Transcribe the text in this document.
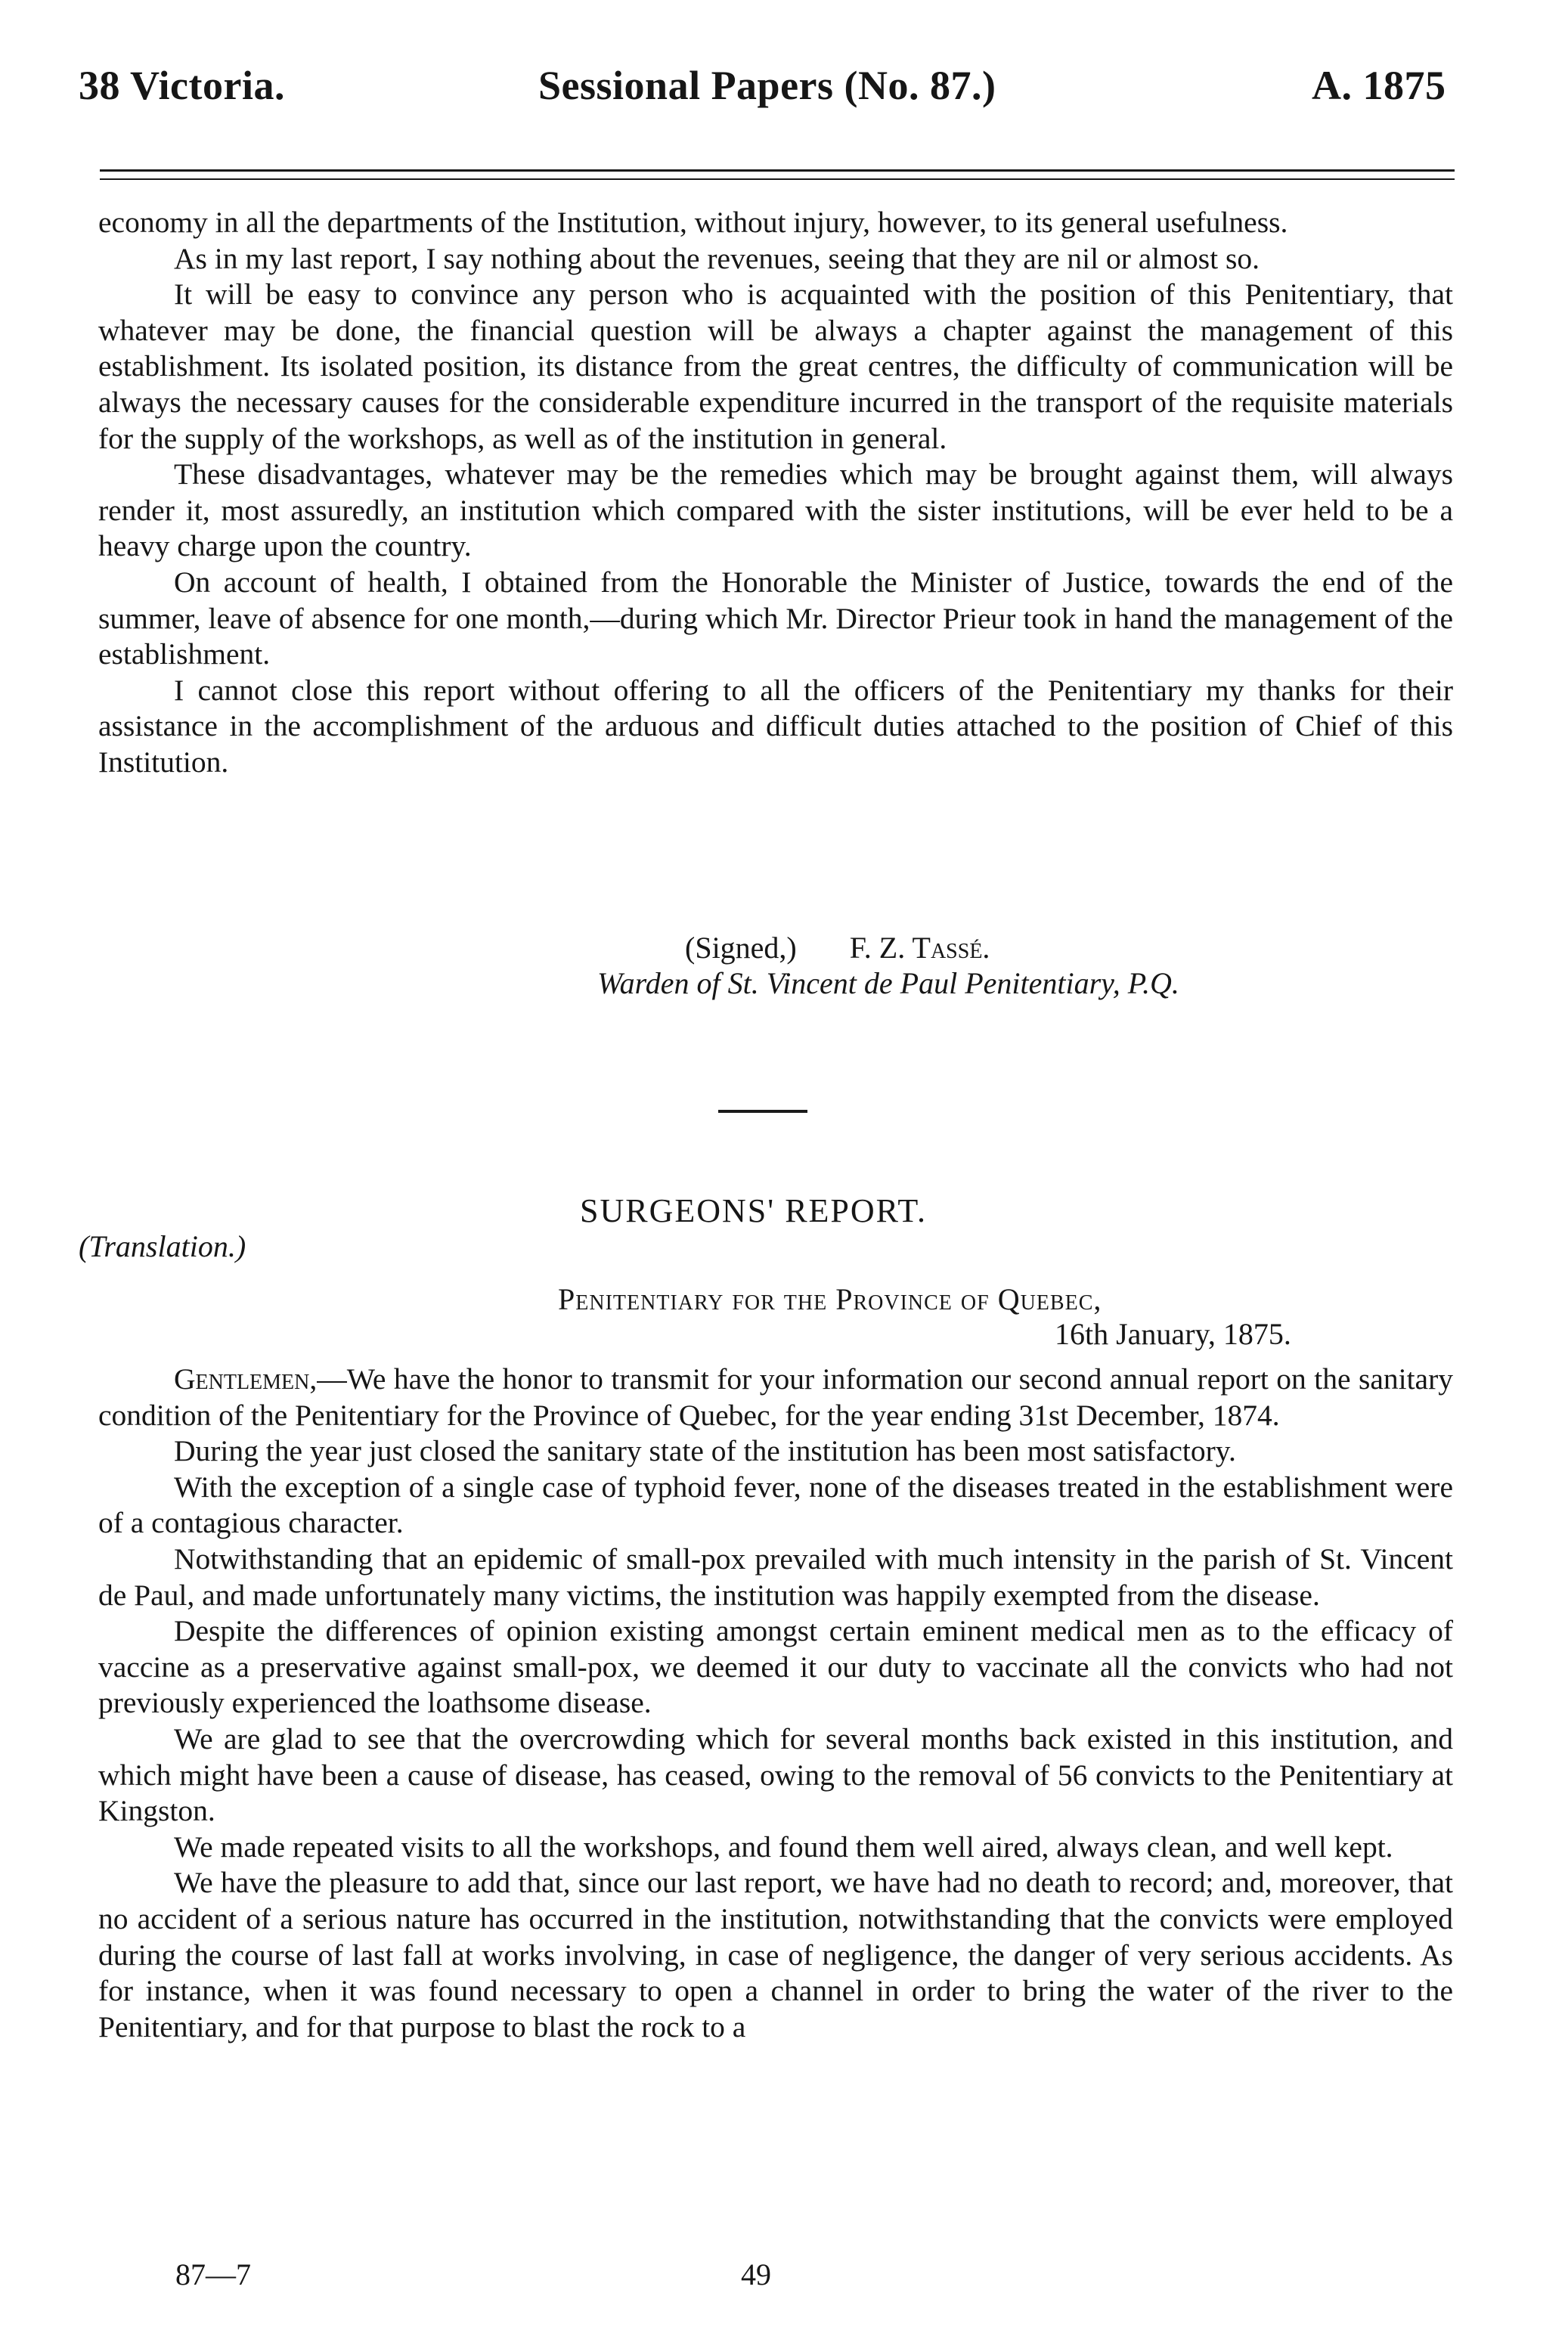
38 Victoria.	Sessional Papers (No. 87.)	A. 1875

economy in all the departments of the Institution, without injury, however, to its general usefulness.

As in my last report, I say nothing about the revenues, seeing that they are nil or almost so.

It will be easy to convince any person who is acquainted with the position of this Penitentiary, that whatever may be done, the financial question will be always a chapter against the management of this establishment. Its isolated position, its distance from the great centres, the difficulty of communication will be always the necessary causes for the considerable expenditure incurred in the transport of the requisite materials for the supply of the workshops, as well as of the institution in general.

These disadvantages, whatever may be the remedies which may be brought against them, will always render it, most assuredly, an institution which compared with the sister institutions, will be ever held to be a heavy charge upon the country.

On account of health, I obtained from the Honorable the Minister of Justice, towards the end of the summer, leave of absence for one month,—during which Mr. Director Prieur took in hand the management of the establishment.

I cannot close this report without offering to all the officers of the Penitentiary my thanks for their assistance in the accomplishment of the arduous and difficult duties attached to the position of Chief of this Institution.

(Signed,) F. Z. Tassé.
Warden of St. Vincent de Paul Penitentiary, P.Q.
SURGEONS' REPORT.
(Translation.)
Penitentiary for the Province of Quebec,
16th January, 1875.

Gentlemen,—We have the honor to transmit for your information our second annual report on the sanitary condition of the Penitentiary for the Province of Quebec, for the year ending 31st December, 1874.

During the year just closed the sanitary state of the institution has been most satisfactory.

With the exception of a single case of typhoid fever, none of the diseases treated in the establishment were of a contagious character.

Notwithstanding that an epidemic of small-pox prevailed with much intensity in the parish of St. Vincent de Paul, and made unfortunately many victims, the institution was happily exempted from the disease.

Despite the differences of opinion existing amongst certain eminent medical men as to the efficacy of vaccine as a preservative against small-pox, we deemed it our duty to vaccinate all the convicts who had not previously experienced the loathsome disease.

We are glad to see that the overcrowding which for several months back existed in this institution, and which might have been a cause of disease, has ceased, owing to the removal of 56 convicts to the Penitentiary at Kingston.

We made repeated visits to all the workshops, and found them well aired, always clean, and well kept.

We have the pleasure to add that, since our last report, we have had no death to record; and, moreover, that no accident of a serious nature has occurred in the institution, notwithstanding that the convicts were employed during the course of last fall at works involving, in case of negligence, the danger of very serious accidents. As for instance, when it was found necessary to open a channel in order to bring the water of the river to the Penitentiary, and for that purpose to blast the rock to a

87—7	49
